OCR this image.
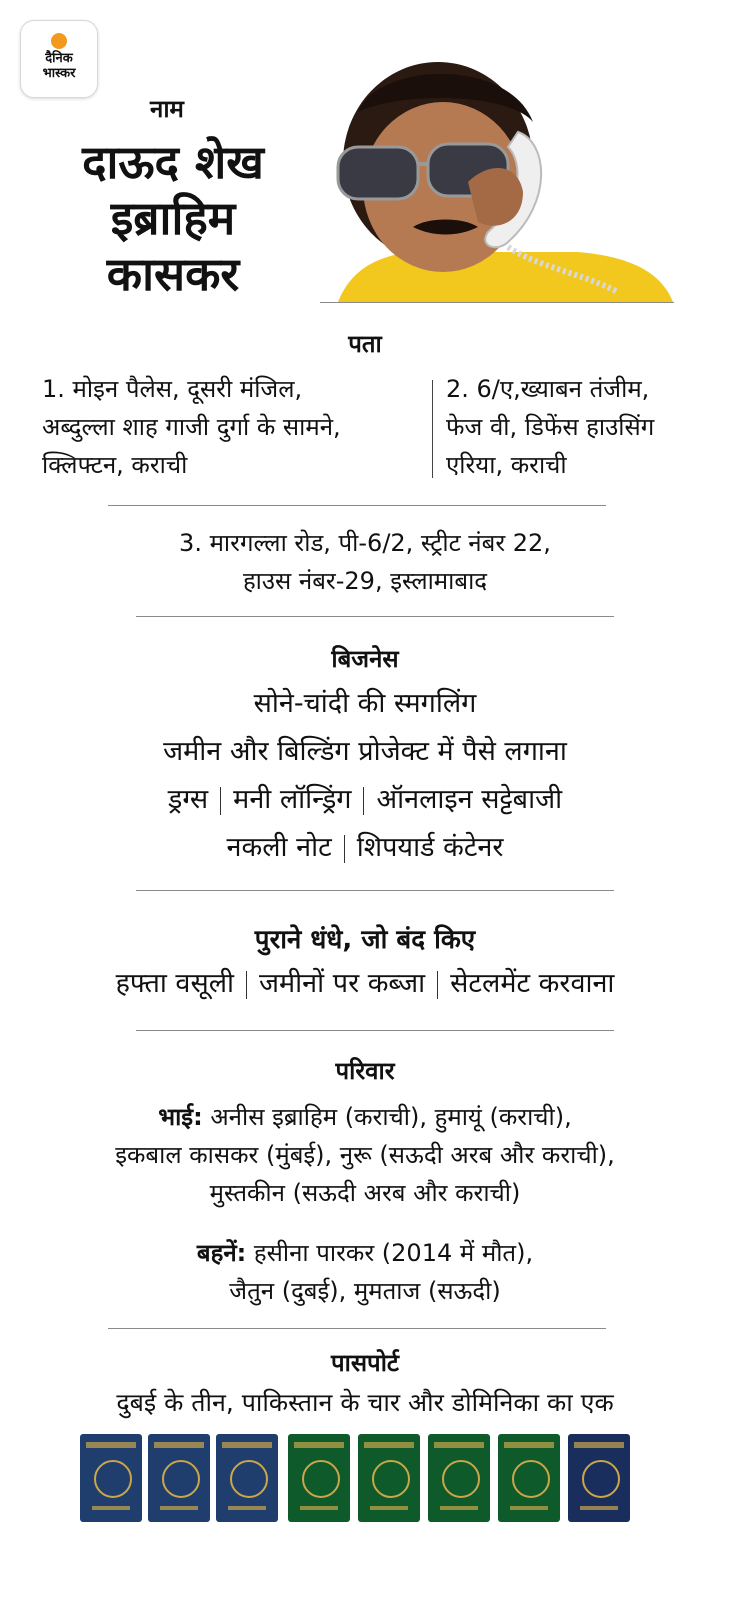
दैनिक
भास्कर
नाम
दाऊद शेख
इब्राहिम
कासकर
पता
1. मोइन पैलेस, दूसरी मंजिल,
अब्दुल्ला शाह गाजी दुर्गा के सामने,
क्लिफ्टन, कराची
2. 6/ए,ख्याबन तंजीम,
फेज वी, डिफेंस हाउसिंग
एरिया, कराची
3. मारगल्ला रोड, पी-6/2, स्ट्रीट नंबर 22,
हाउस नंबर-29, इस्लामाबाद
बिजनेस
सोने-चांदी की स्मगलिंग
जमीन और बिल्डिंग प्रोजेक्ट में पैसे लगाना
ड्रग्स मनी लॉन्ड्रिंग ऑनलाइन सट्टेबाजी
नकली नोट शिपयार्ड कंटेनर
पुराने धंधे, जो बंद किए
हफ्ता वसूली जमीनों पर कब्जा सेटलमेंट करवाना
परिवार
भाई: अनीस इब्राहिम (कराची), हुमायूं (कराची),
इकबाल कासकर (मुंबई), नुरू (सऊदी अरब और कराची),
मुस्तकीन (सऊदी अरब और कराची)
बहनें: हसीना पारकर (2014 में मौत),
जैतुन (दुबई), मुमताज (सऊदी)
पासपोर्ट
दुबई के तीन, पाकिस्तान के चार और डोमिनिका का एक
